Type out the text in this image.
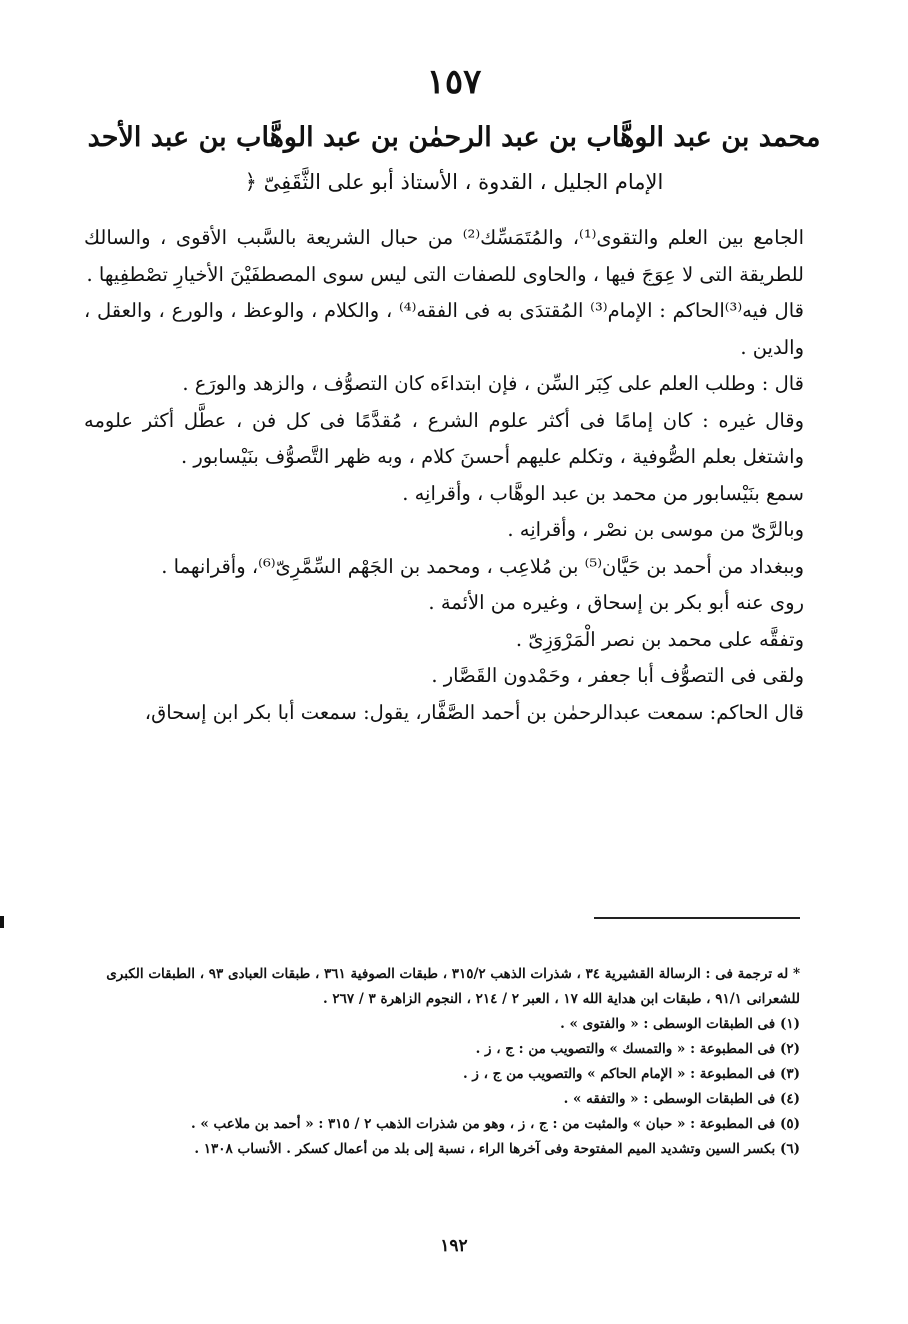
١٥٧
محمد بن عبد الوهَّاب بن عبد الرحمٰن بن عبد الوهَّاب بن عبد الأحد
الإمام الجليل ، القدوة ، الأستاذ أبو على الثَّقَفِىّ ﴿

الجامع بين العلم والتقوى⁽¹⁾، والمُتَمَسِّك⁽²⁾ من حبال الشريعة بالسَّبب الأقوى ، والسالك للطريقة التى لا عِوَجَ فيها ، والحاوى للصفات التى ليس سوى المصطفَيْنَ الأخيارِ تصْطفِيها .

قال فيه⁽³⁾الحاكم : الإمام⁽³⁾ المُقتدَى به فى الفقه⁽⁴⁾ ، والكلام ، والوعظ ، والورع ، والعقل ، والدين .

قال : وطلب العلم على كِبَر السِّن ، فإن ابتداءَه كان التصوُّف ، والزهد والورَع .

وقال غيره : كان إمامًا فى أكثر علوم الشرع ، مُقدَّمًا فى كل فن ، عطَّل أكثر علومه واشتغل بعلم الصُّوفية ، وتكلم عليهم أحسنَ كلام ، وبه ظهر التَّصوُّف بنَيْسابور .

سمع بنَيْسابور من محمد بن عبد الوهَّاب ، وأقرانِه .

وبالرَّىّ من موسى بن نصْر ، وأقرانِه .

وببغداد من أحمد بن حَيَّان⁽⁵⁾ بن مُلاعِب ، ومحمد بن الجَهْم السِّمَّرِىّ⁽⁶⁾، وأقرانهما .

روى عنه أبو بكر بن إسحاق ، وغيره من الأئمة .

وتفقَّه على محمد بن نصر الْمَرْوَزِىّ .

ولقى فى التصوُّف أبا جعفر ، وحَمْدون القَصَّار .

قال الحاكم: سمعت عبدالرحمٰن بن أحمد الصَّفَّار، يقول: سمعت أبا بكر ابن إسحاق،

* له ترجمة فى : الرسالة القشيرية ٣٤ ، شذرات الذهب ٣١٥/٢ ، طبقات الصوفية ٣٦١ ، طبقات العبادى ٩٣ ، الطبقات الكبرى للشعرانى ٩١/١ ، طبقات ابن هداية الله ١٧ ، العبر ٢ / ٢١٤ ، النجوم الزاهرة ٣ / ٢٦٧ .

(١) فى الطبقات الوسطى : « والفتوى » .

(٢) فى المطبوعة : « والتمسك » والتصويب من : ج ، ز .

(٣) فى المطبوعة : « الإمام الحاكم » والتصويب من ج ، ز .

(٤) فى الطبقات الوسطى : « والتفقه » .

(٥) فى المطبوعة : « حبان » والمثبت من : ج ، ز ، وهو من شذرات الذهب ٢ / ٣١٥ : « أحمد بن ملاعب » .

(٦) بكسر السين وتشديد الميم المفتوحة وفى آخرها الراء ، نسبة إلى بلد من أعمال كسكر . الأنساب ١٣٠٨ .

١٩٢
